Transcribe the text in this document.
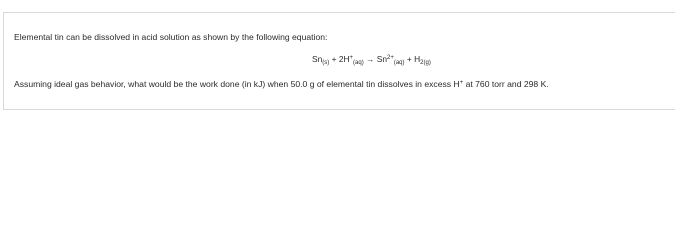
Elemental tin can be dissolved in acid solution as shown by the following equation:
$Sn_{(s)} + 2H^+_{(aq)} \to Sn^{2+}_{(aq)} + H_{2(g)}$
Assuming ideal gas behavior, what would be the work done (in kJ) when 50.0 g of elemental tin dissolves in excess H+ at 760 torr and 298 K.
